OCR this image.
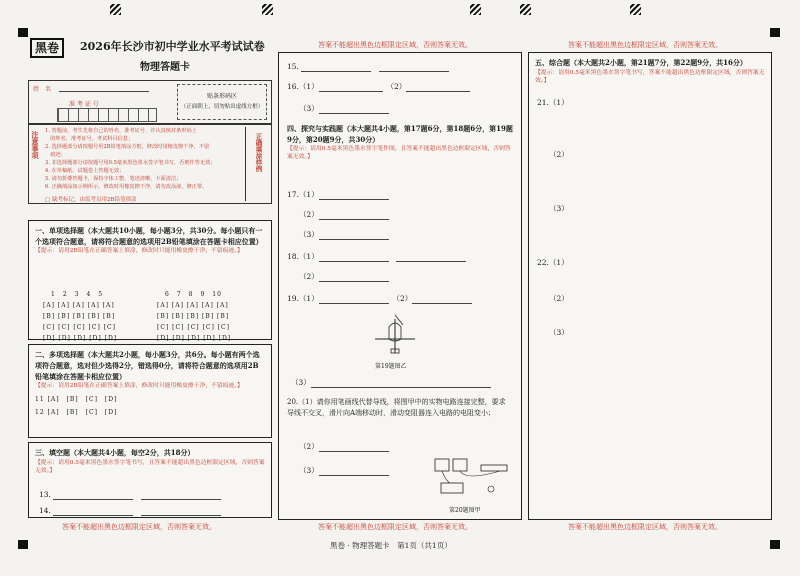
黑卷	2026年长沙市初中学业水平考试试卷
物理答题卡
姓　名
准 考 证 号
贴条形码区
（正面朝上，切勿贴出虚线方框）
注意事项 1. 答题前，考生先将自己的姓名、准考证号、并认真核对条形码上
　的姓名、准考证号，考试科目信息；
2. 选择题部分请按题号用2B铅笔填涂方框，修改时用橡皮擦干净，不留
　痕迹；
3. 非选择题部分请按题号用0.5毫米黑色墨水签字笔书写，否则作答无效；
4. 在草稿纸、试题卷上答题无效；
5. 请勿折叠答题卡，保持字体工整、笔迹清晰、卡面清洁；
6. 正确填涂如示例所示，修改时用橡皮擦干净，请勿改涂液、修正带。
正确填涂样例
□ 缺考标记，由监考员用2B铅笔填涂
一、单项选择题（本大题共10小题，每小题3分，共30分。每小题只有一个选项符合题意，请将符合题意的选项用2B铅笔填涂在答题卡相应位置）
【提示：请用2B铅笔在正确答案上填涂，修改时只能用橡皮擦干净，不留痕迹。】
1　2　3　4　5
[A] [A] [A] [A] [A]
[B] [B] [B] [B] [B]
[C] [C] [C] [C] [C]
[D] [D] [D] [D] [D]
6　7　8　9　10
[A] [A] [A] [A] [A]
[B] [B] [B] [B] [B]
[C] [C] [C] [C] [C]
[D] [D] [D] [D] [D]
二、多项选择题（本大题共2小题，每小题3分，共6分。每小题有两个选项符合题意，选对但少选得2分，错选得0分，请将符合题意的选项用2B铅笔填涂在答题卡相应位置）
【提示：请用2B铅笔在正确答案上填涂，修改时只能用橡皮擦干净，不留痕迹。】
11 [A]　[B]　[C]　[D]
12 [A]　[B]　[C]　[D]
三、填空题（本大题共4小题，每空2分，共18分）
【提示：请用0.5毫米黑色墨水签字笔书写，且答案不能超出黑色边框限定区域，否则答案无效。】
13. 　
14. 　
答案不能超出黑色边框限定区域，否则答案无效。
答案不能超出黑色边框限定区域，否则答案无效。
15. 　
16.（1）　	（2）
（3）
四、探究与实践题（本大题共4小题，第17题6分，第18题6分，第19题9分，第20题9分，共30分）
【提示：请用0.5毫米黑色墨水签字笔作图，且答案不能超出黑色边框限定区域，否则答案无效。】
17.（1）
（2）
（3）
18.（1）　
（2）
19.（1）　	（2）
第19题图乙
（3）
20.（1）请你用笔画线代替导线，将图甲中的实物电路连接完整，要求导线不交叉，滑片向A端移动时，滑动变阻器连入电路的电阻变小；
（2）
（3）
第20题图甲
答案不能超出黑色边框限定区域，否则答案无效。
答案不能超出黑色边框限定区域，否则答案无效。
五、综合题（本大题共2小题，第21题7分，第22题9分，共16分）
【提示：请用0.5毫米黑色墨水签字笔书写，答案不能超出黑色边框限定区域，否则答案无效。】
21.（1）
（2）
（3）
22.（1）
（2）
（3）
答案不能超出黑色边框限定区域，否则答案无效。
黑卷 · 物理答题卡　第1页（共1页）
